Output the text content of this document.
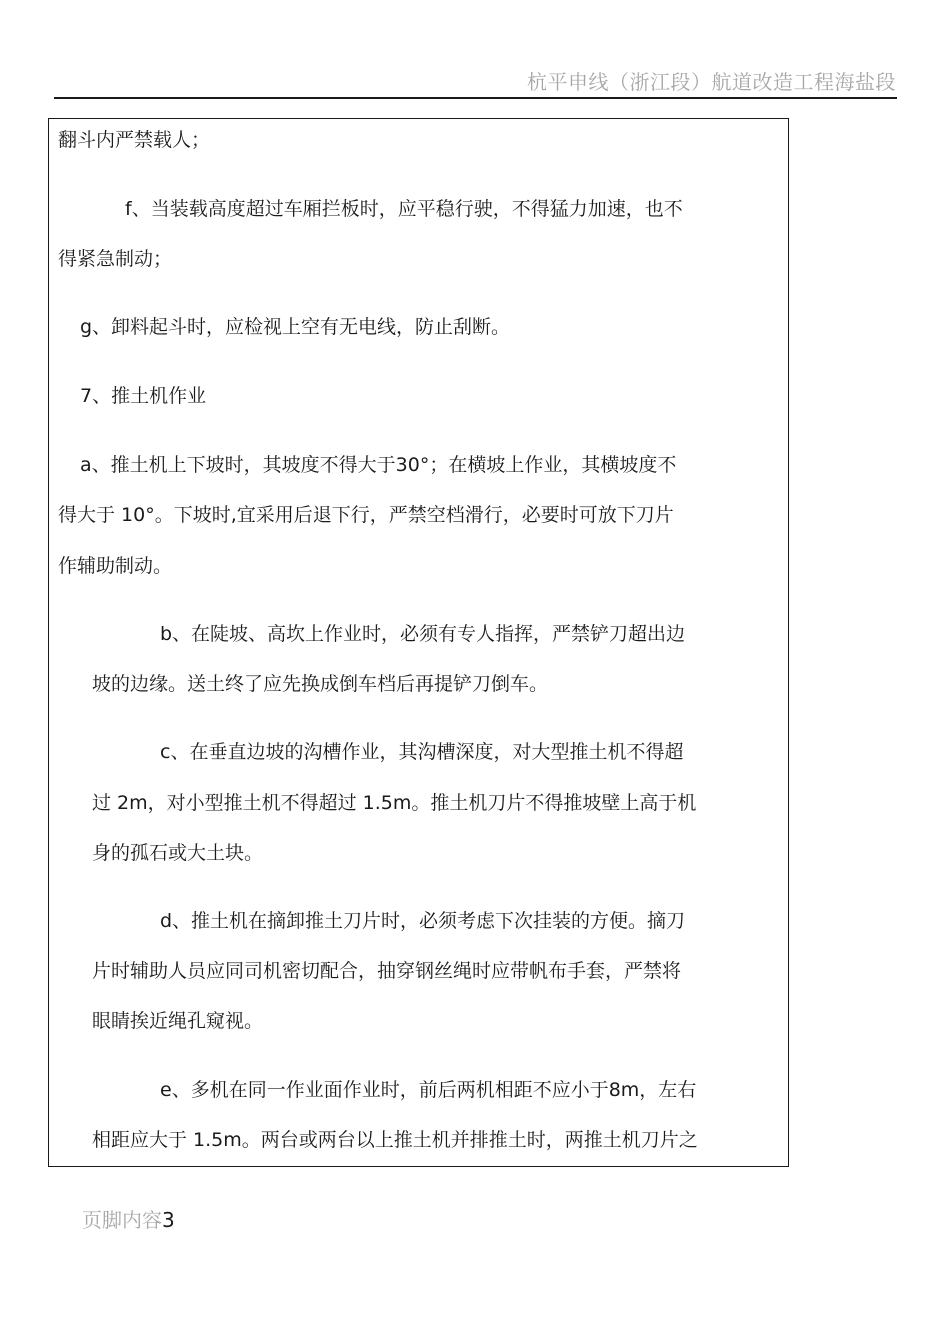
杭平申线（浙江段）航道改造工程海盐段
翻斗内严禁载人；
f、当装载高度超过车厢拦板时，应平稳行驶，不得猛力加速，也不
得紧急制动；
g、卸料起斗时，应检视上空有无电线，防止刮断。
7、推土机作业
a、推土机上下坡时，其坡度不得大于30°；在横坡上作业，其横坡度不
得大于 10°。下坡时,宜采用后退下行，严禁空档滑行，必要时可放下刀片
作辅助制动。
b、在陡坡、高坎上作业时，必须有专人指挥，严禁铲刀超出边
坡的边缘。送土终了应先换成倒车档后再提铲刀倒车。
c、在垂直边坡的沟槽作业，其沟槽深度，对大型推土机不得超
过 2m，对小型推土机不得超过 1.5m。推土机刀片不得推坡壁上高于机
身的孤石或大土块。
d、推土机在摘卸推土刀片时，必须考虑下次挂装的方便。摘刀
片时辅助人员应同司机密切配合，抽穿钢丝绳时应带帆布手套，严禁将
眼睛挨近绳孔窥视。
e、多机在同一作业面作业时，前后两机相距不应小于8m，左右
相距应大于 1.5m。两台或两台以上推土机并排推土时，两推土机刀片之
页脚内容3
